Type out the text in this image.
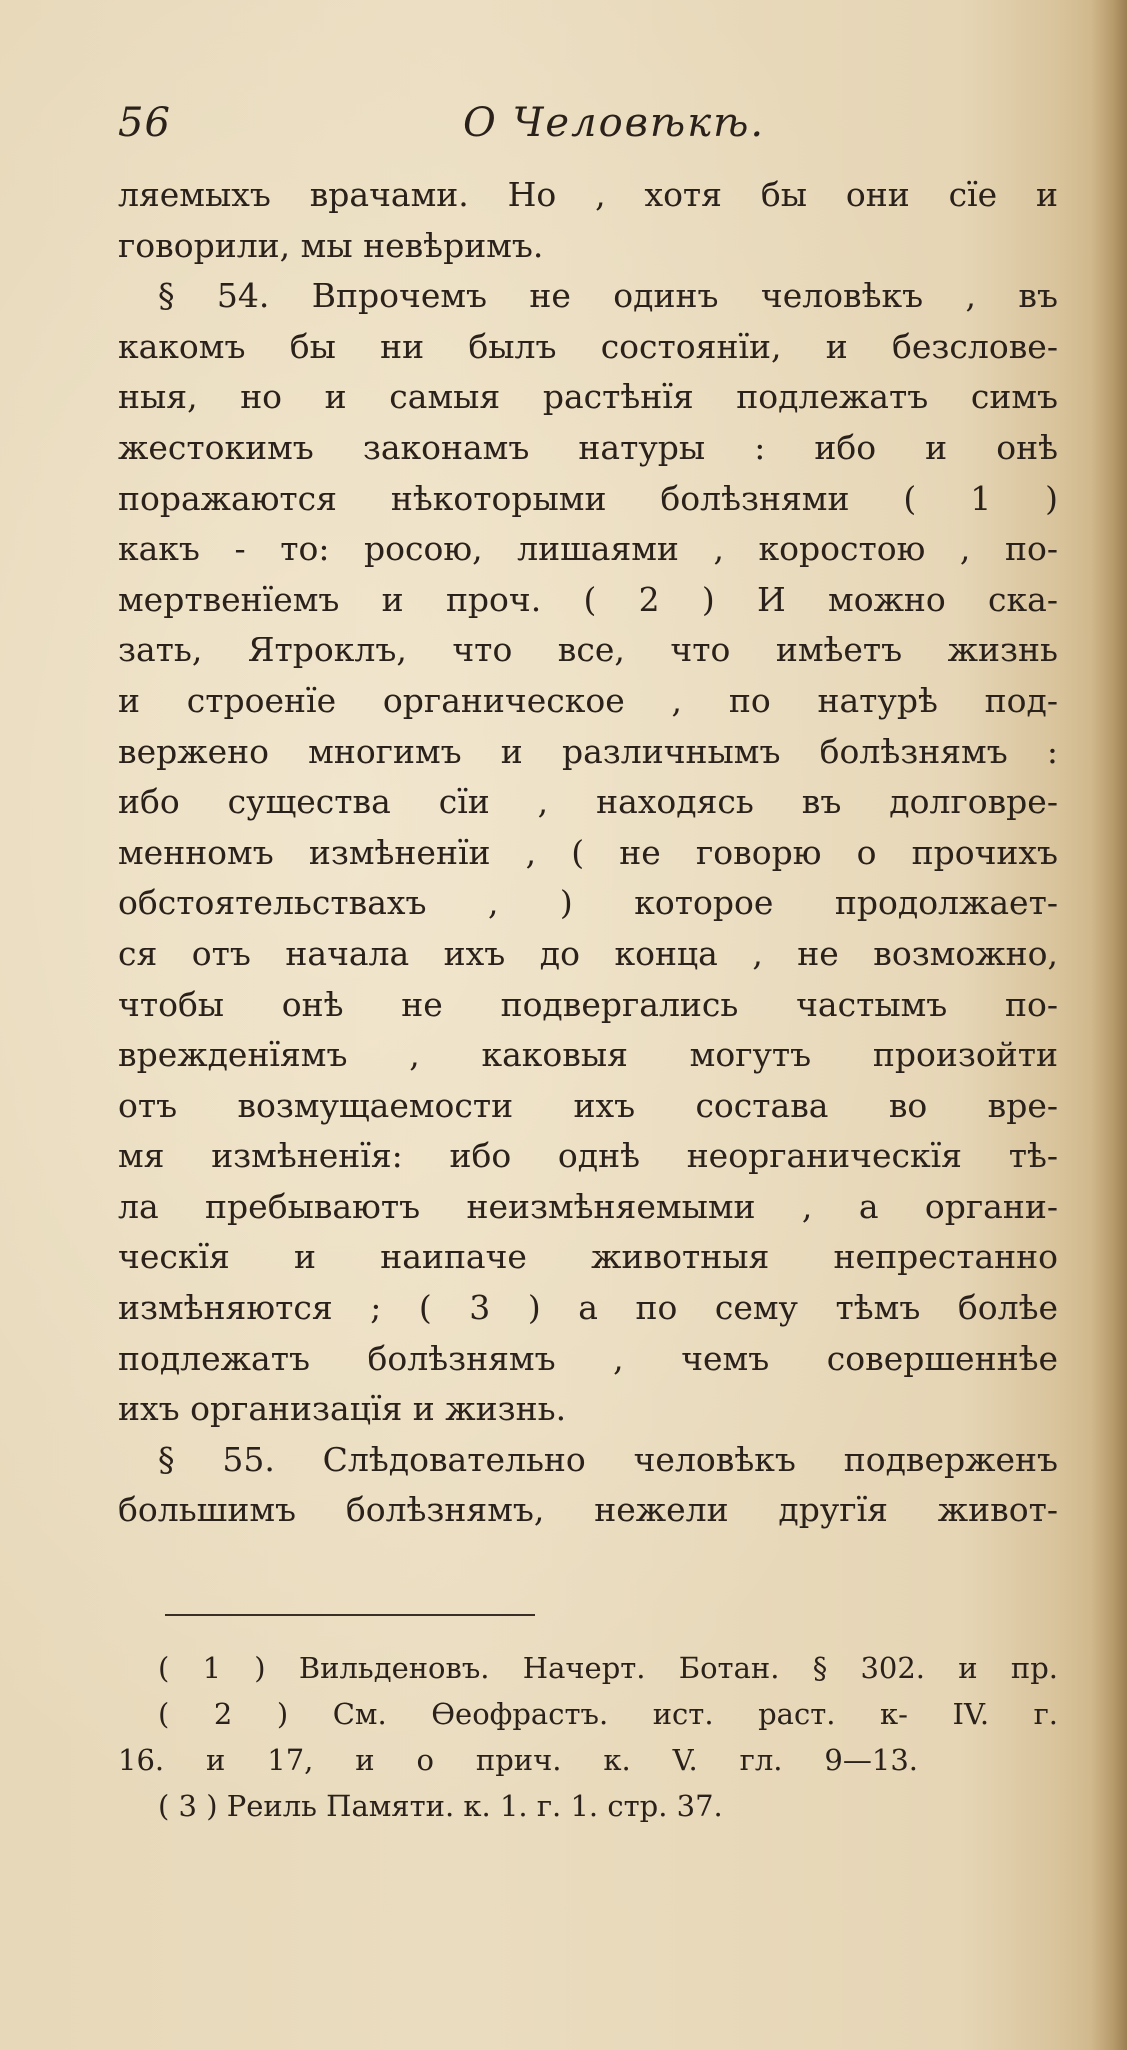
56	О Человѣкѣ.
ляемыхъ врачами. Но , хотя бы они сїе и
говорили, мы невѣримъ.
§ 54. Впрочемъ не одинъ человѣкъ , въ
какомъ бы ни былъ состоянїи, и безслове-
ныя, но и самыя растѣнїя подлежатъ симъ
жестокимъ законамъ натуры : ибо и онѣ
поражаются нѣкоторыми болѣзнями ( 1 )
какъ - то: росою, лишаями , коростою , по-
мертвенїемъ и проч. ( 2 ) И можно ска-
зать, Ятроклъ, что все, что имѣетъ жизнь
и строенїе органическое , по натурѣ под-
вержено многимъ и различнымъ болѣзнямъ :
ибо существа сїи , находясь въ долговре-
менномъ измѣненїи , ( не говорю о прочихъ
обстоятельствахъ , ) которое продолжает-
ся отъ начала ихъ до конца , не возможно,
чтобы онѣ не подвергались частымъ по-
врежденїямъ , каковыя могутъ произойти
отъ возмущаемости ихъ состава во вре-
мя измѣненїя: ибо однѣ неорганическїя тѣ-
ла пребываютъ неизмѣняемыми , а органи-
ческїя и наипаче животныя непрестанно
измѣняются ; ( 3 ) а по сему тѣмъ болѣе
подлежатъ болѣзнямъ , чемъ совершеннѣе
ихъ организацїя и жизнь.
§ 55. Слѣдовательно человѣкъ подверженъ
большимъ болѣзнямъ, нежели другїя живот-
( 1 ) Вильденовъ. Начерт. Ботан. § 302. и пр.
( 2 ) См. Ѳеофрастъ. ист. раст. к- IV. г.
16. и 17, и о прич. к. V. гл. 9—13.
( 3 ) Реиль Памяти. к. 1. г. 1. стр. 37.
